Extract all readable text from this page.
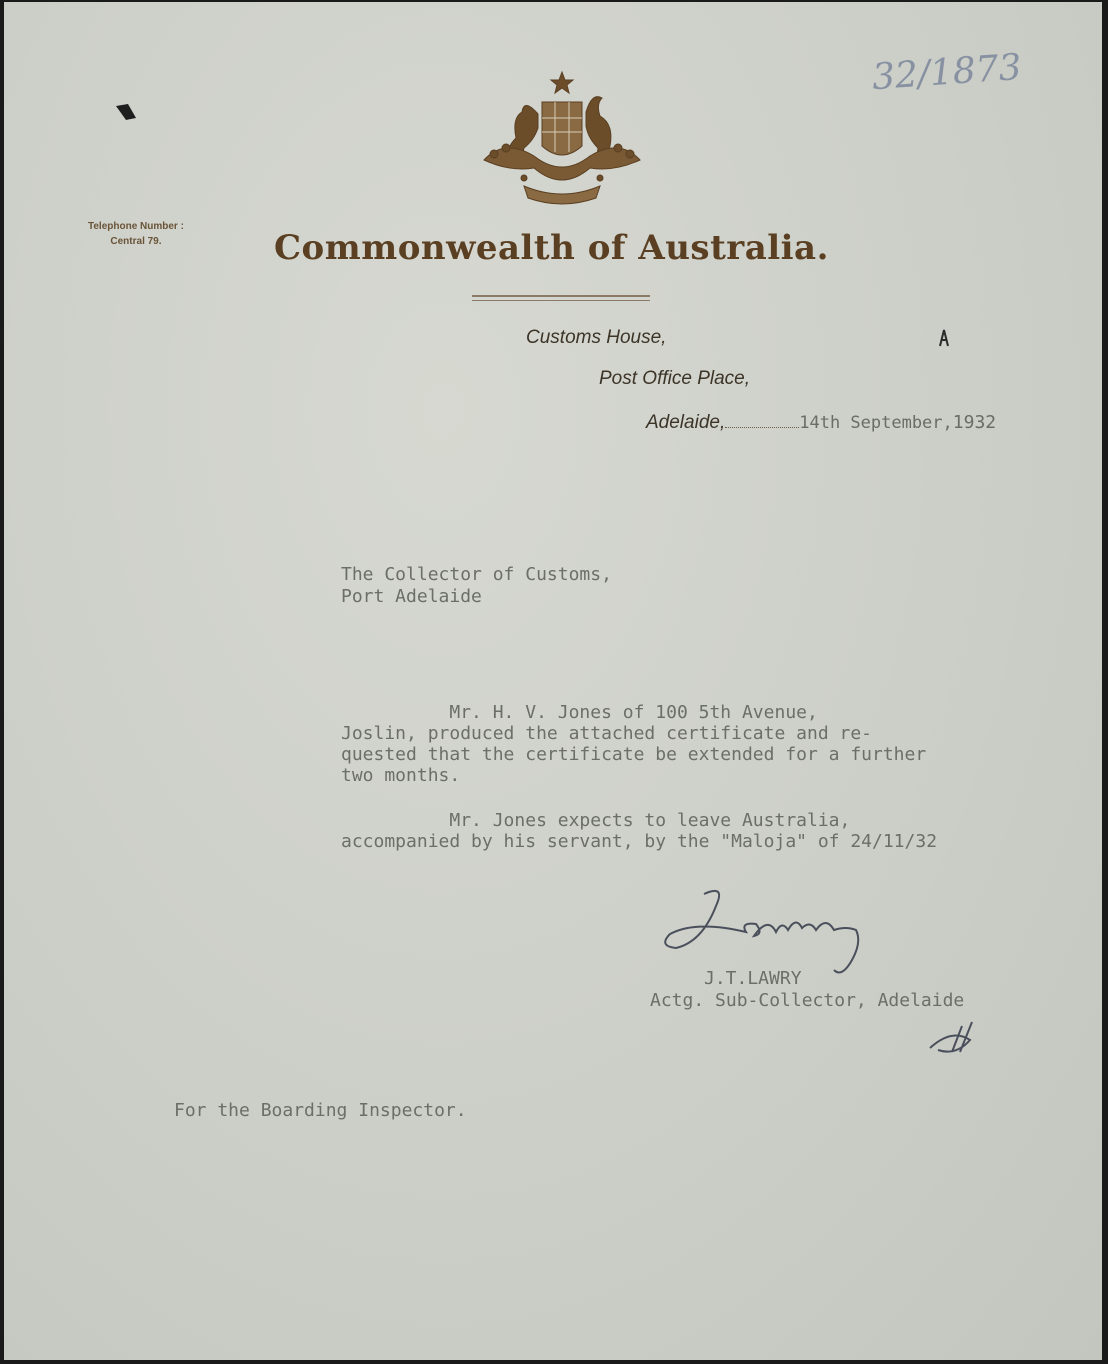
Telephone Number :
Central 79.	Commonwealth of Australia.
32/1873
Customs House,
Post Office Place,
Adelaide,	14th September,1932
The Collector of Customs,
Port Adelaide
Mr. H. V. Jones of 100 5th Avenue,
Joslin, produced the attached certificate and re-
quested that the certificate be extended for a further
two months.
Mr. Jones expects to leave Australia,
accompanied by his servant, by the "Maloja" of 24/11/32
J.T.LAWRY
Actg. Sub-Collector, Adelaide
For the Boarding Inspector.
